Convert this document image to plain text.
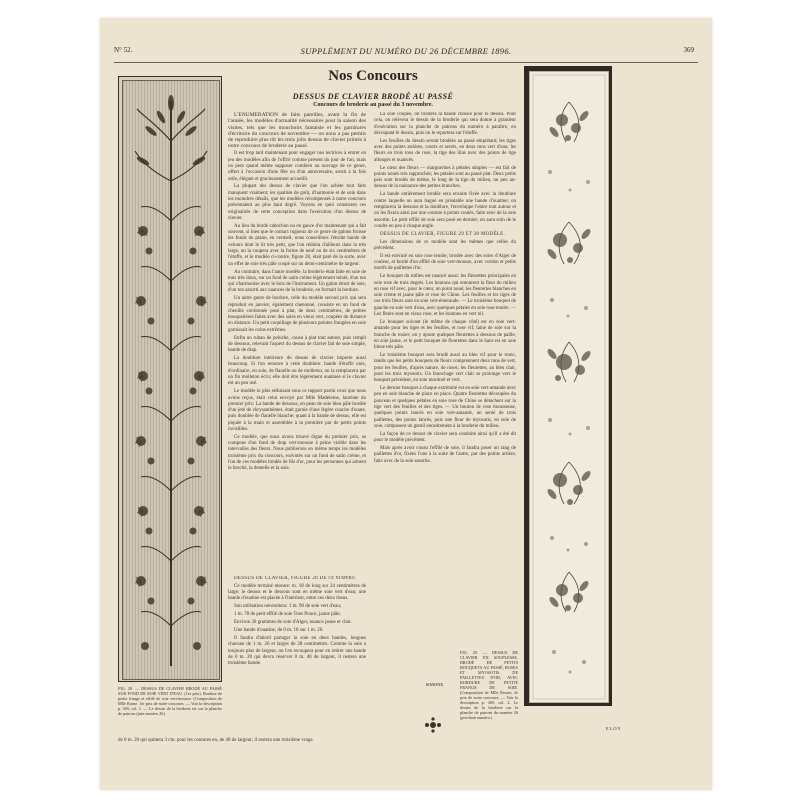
N° 52.	SUPPLÉMENT DU NUMÉRO DU 26 DÉCEMBRE 1896.	369
FIG. 28. — DESSUS DE CLAVIER BRODÉ AU PASSÉ SUR FOND DE SOIE VERT D'EAU. (1er prix). Bordure de petite frange et effilé de soie vert-mousse. (Composition de Mlle Rome, 1er prix de notre concours. — Voir la description p. 369, col. 1. — Le dessin de la broderie est sur la planche de patrons (juin numéro 26).
Nos Concours
DESSUS DE CLAVIER BRODÉ AU PASSÉ
Concours de broderie au passé du 3 novembre.

L'ÉNUMÉRATION de faits pareilles, avant la fin de l'année, les modèles d'actualité nécessaires pour la saison des visites, tels que les mouchoirs fantaisie et les garnitures d'écritoire du concours de novembre — on nous a pas permis de reproduire plus tôt les trois jolis dessus de clavier primés à notre concours de broderie au passé.

Il est trop tard maintenant pour engager nos lectrices à entrer en jeu des modèles afin de l'offrir comme présent du jour de l'an, mais on peut quand même supposer combien un ouvrage de ce genre, offert à l'occasion d'une fête ou d'un anniversaire, serait à la fois utile, élégant et gracieusement accueilli.

La plupart des dessus de clavier que l'on achète tout faits manquent vraiment; les qualités de goût, d'harmonie et de soin dans les moindres détails, que les modèles récompensés à notre concours présentaient au plus haut degré. Voyons en quoi consistent ces originalités de cette conception dans l'exécution d'un dessus de clavier.

Au lieu du bordé cabochon ou en gance d'or maintenant qui a fait souvent, si bien que le contact rugueux de ce genre de galons froisse les fonds du piano, en vermeil, nous conseillons l'étroite bande de velours dont le lit très petit, que l'on réduira d'ailleurs dans la très large, on la coupera avec la forme de neuf ou de six centimètres de l'étoffe, et le modèle ci-contre, figure 28, était paré de la sorte, avec un effet de soie très pâle coupé sur un demi-centimètre de largeur.

Au contraire, dans l'autre modèle, la broderie était faite en soie de tons très doux, sur un fond de satin crème légèrement teinté, d'un ton qui s'harmonise avec le bois de l'instrument. Un galon étroit de soie, d'un ton assorti aux nuances de la broderie, en formait la bordure.

Un autre genre de bordure, celle du modèle second prix qui sera reproduit en janvier, également chenonné, consiste en un fond de chenille cordonnée posé à plat, de deux centimètres, de petites bouquetières faites avec des soies en vieux vert, coupées de distance en distance. Un petit coquillage de plusieurs pointes frangées en soie garnissait les coins extrêmes.

Enfin un ruban de peluche, cousu à plat tout autour, puis rempli de dessous, relevant l'aspect du dessus de clavier fait de soie simple, bande de drap.

La doublure intérieure du dessus de clavier importe aussi beaucoup. Si l'on renonce à cette doublure: bande d'étoffe unie, d'ordinaire, en soie, de flanelle ou de molleton, on la remplacera par un fin molleton écru; elle doit être légèrement ouatinée si le clavier est un peu usé.

Le modèle le plus séduisant sous ce rapport parmi ceux que nous avons reçus, était celui envoyé par Mlle Madeleine, lauréate du premier prix: La bande de dessous, en peau de soie bleu pâle brodée d'un jeté de chrysanthèmes, était garnie d'une légère couche d'ouate, puis doublée de flanelle blanche; quant à la bande de dessus, elle est piquée à la main et assemblée à la première par de petits points invisibles.

Ce modèle, que nous avons trouvé digne du premier prix, se compose d'un fond de drap vert-mousse à peine visible dans les intervalles des fleurs. Nous publierons en même temps les modèles troisième prix du concours, exécutés sur un fond de satin crème, et l'un de ces modèles brodés de fils d'or, pour les personnes qui aiment le broché, la dentelle et la soie.

DESSUS DE CLAVIER, FIGURE 28 DE ce numéro.

Ce modèle terminé mesure: m. 18 de long sur 24 centimètres de large; le dessus et le dessous sont en même soie vert d'eau; une bande d'ouatine est placée à l'intérieur, entre ces deux tissus.

Son utilisation nécessitera: 1 m. 90 de soie vert d'eau;

1 m. 78 de petit effilé de soie Tons Pouce, jaune pâle;

Environ 30 grammes de soie d'Alger, nuance jaune et clair.

Une bande d'ouatine, de 0 m. 18 sur 1 m. 20.

Il faudra d'abord partager la soie en deux bandes, longues chacune de 1 m. 20 et larges de 28 centimètres. Comme la soie a toujours plus de largeur, on l'en recoupera pour en retirer une bande de 0 m. 20 qui devra réserver 0 m. 40 de largeur, il restera une troisième bande.

La soie coupée, on brodera la bande choisie pour le dessus. Pour cela, on relèvera le dessin de la broderie qui sera donné à grandeur d'exécution sur la planche de patrons du numéro à paraître, en découpant le dessin, puis on le reportera sur l'étoffe.

Les feuilles du dessin seront brodées au passé empiétant; les tiges avec des points arrières, courts et serrés, en deux tons vert d'eau; les fleurs en trois tons de rose, la tige des lilas avec des points de tige allongés et nuancés.

Le cœur des fleurs — marguerites à pétales simples — est fait de points noués très rapprochés; les pétales sont au passé plat. Deux petits pois sont brodés de même, le long de la tige du milieu, un peu au-dessus de la naissance des petites branches.

La bande entièrement brodée sera ensuite fixée avec la doublure contre laquelle on aura bagué en préalable une bande d'ouatine; on remplacera la dessous et la doublure, l'enveloppe l'entre tout autour et on les fixera ainsi par une couture à points coulés, faite avec de la soie assortie. Le petit effilé de soie sera posé en dernier; on aura soin de le coudre en peu à chaque angle.

DESSUS DE CLAVIER, FIGURE 29 ET 30 MODÈLE.

Les dimensions de ce modèle sont les mêmes que celles du précédent.

Il est exécuté en soie rose tendre, brodée avec des soies d'Alger de couleur, et bordé d'un effilé de soie vert-mousse, avec cordon et petits motifs de paillettes d'or.

Le bouquet du milieu est nuancé aussi: les fleurettes principales en soie rose de trois degrés. Les boutons qui entourent la fleur du milieu en rose vif avec, pour le cœur, un point noué; les fleurettes blanches en soie crème et jaune pâle et rose de Chine. Les feuilles et les tiges de ces trois fleurs sont en soie vert-émeraude. — Le troisième bouquet de gauche en soie vert d'eau, avec quelques pétales en soie rose tendre. — Les fleurs sont en vieux rose, et les boutons en vert nil.

Le bouquet suivant (le même de chaque côté) est en soie vert-amande pour les tiges et les feuilles, et rose vif, laine de soie sur la branche de rosier; on y ajoute quelques fleurettes à dessous de paille, en soie jaune, et le petit bouquet de fleurettes dans le haut est en soie bleue très pâle.

Le troisième bouquet sera brodé aussi au bleu vif pour le tronc, tandis que les petits bouquets de fleurs comprennent deux tons de vert, pour les feuilles, d'après nature, de roses; les fleurettes, au bleu clair, pour les trois myosotis. Un branchage vert clair se prolonge vers le bouquet précédent, en soie mordoré et vert.

Le dernier bouquet à chaque extrémité est en soie vert-amande avec peu en soie blanche de place en place. Quatre fleurettes découpées du ponceau et quelques pétales en soie rose de Chine se détachent sur la tige vert des feuilles et des tiges. — Un bouton de rose mousseuse, quelques points lancés en soie vert-amande, un semé de trois paillettes, des points lancés, puis une fleur de myosotis, en soie de soie, composent un gentil encadrement à la broderie du milieu.

La façon de ce dessus de clavier sera conduite ainsi qu'il a été dit pour le modèle précédent.

Mais après avoir cousu l'effilé de soie, il faudra poser un rang de paillettes d'or, fixées l'une à la suite de l'autre, par des points arrière, faits avec de la soie assortie.

SIMONE.
FIG. 29. — DESSUS DE CLAVIER EN SOUPLESSE, BRODÉ DE PETITS BOUQUETS AU PASSÉ, ROSES ET MYOSOTIS DE PAILLETTES D'OR, AVEC BORDURE DE PETITE FRANGE DE SOIE. (Composition de Mlle Rosset, 2e prix de notre concours. — Voir la description p. 369, col. 2. Le dessin de la broderie sur la planche de patrons du numéro 26 (prochain numéro.)
ELOY
de 0 m. 20 qui quittera 3 cm. pour les coutures en, de 40 de largeur; il restera une troisième vrage.
